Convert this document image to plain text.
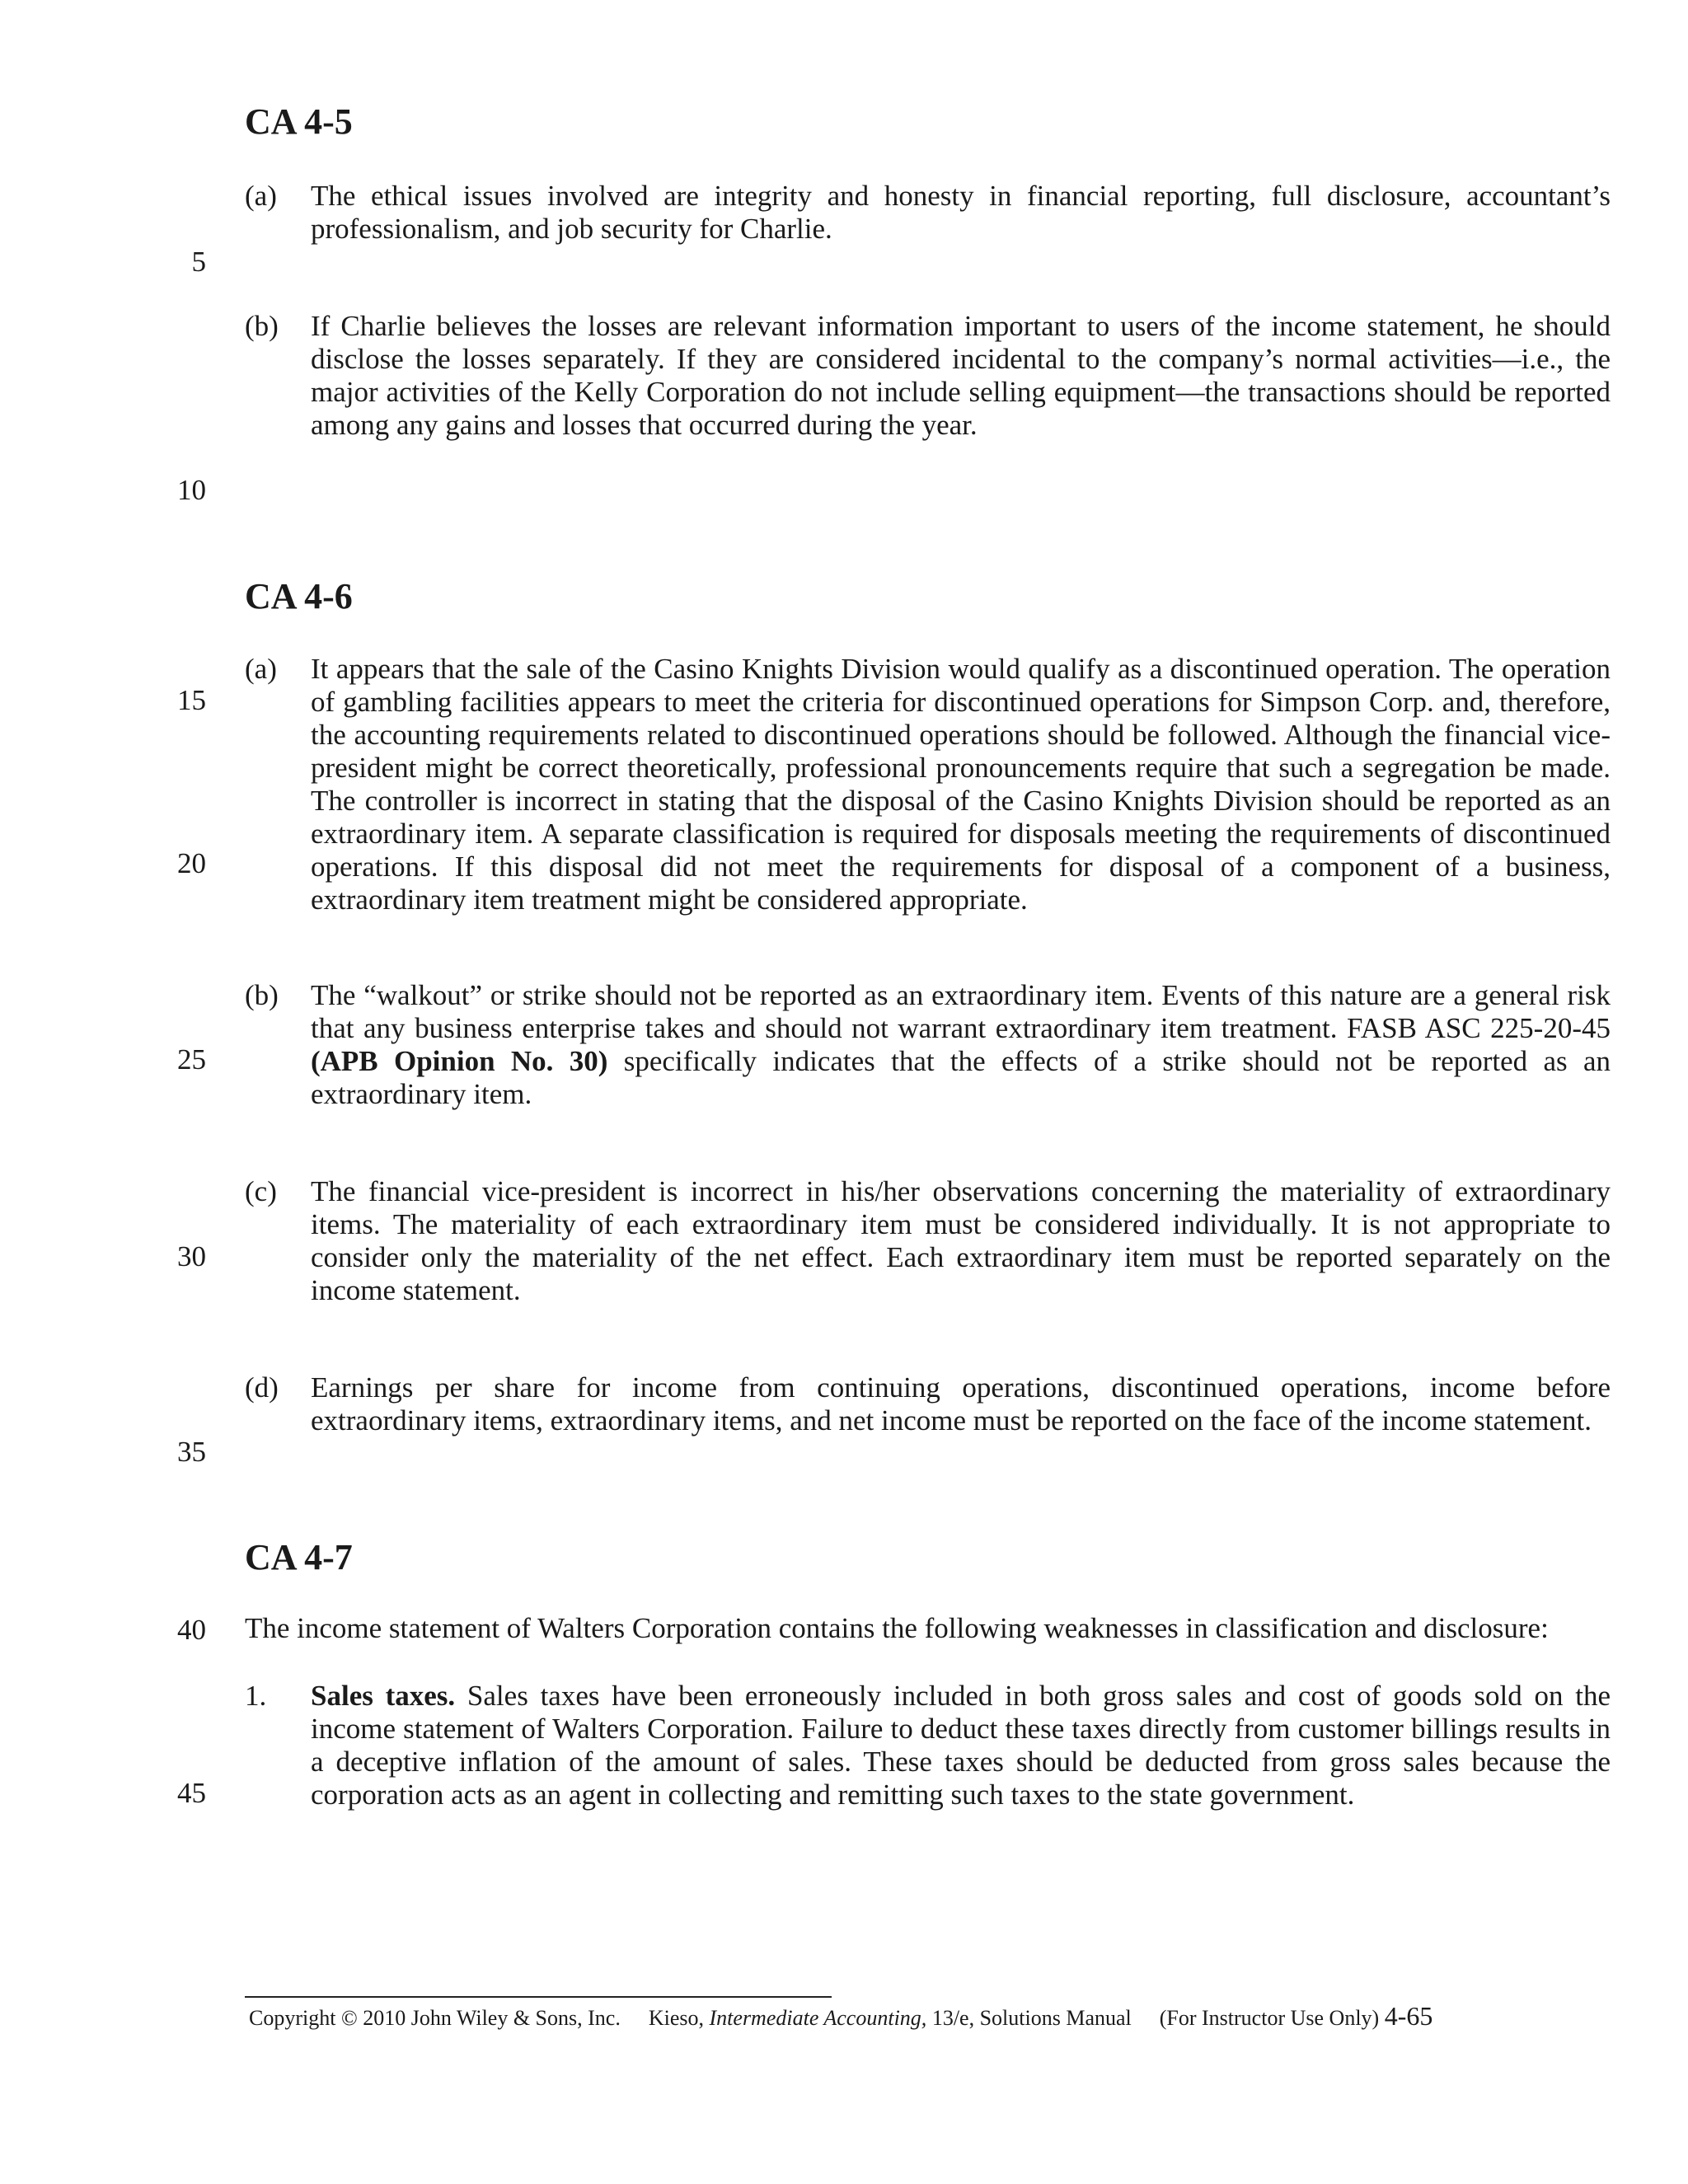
5
10
15
20
25
30
35
40
45
CA 4-5
(a) The ethical issues involved are integrity and honesty in financial reporting, full disclosure, accountant’s professionalism, and job security for Charlie.

(b) If Charlie believes the losses are relevant information important to users of the income statement, he should disclose the losses separately. If they are considered incidental to the company’s normal activities—i.e., the major activities of the Kelly Corporation do not include selling equipment—the transactions should be reported among any gains and losses that occurred during the year.

CA 4-6
(a) It appears that the sale of the Casino Knights Division would qualify as a discontinued operation. The operation of gambling facilities appears to meet the criteria for discontinued operations for Simpson Corp. and, therefore, the accounting requirements related to discontinued operations should be followed. Although the financial vice-president might be correct theoretically, professional pronouncements require that such a segregation be made. The controller is incorrect in stating that the disposal of the Casino Knights Division should be reported as an extraordinary item. A separate classification is required for disposals meeting the requirements of discontinued operations. If this disposal did not meet the requirements for disposal of a component of a business, extraordinary item treatment might be considered appropriate.

(b) The “walkout” or strike should not be reported as an extraordinary item. Events of this nature are a general risk that any business enterprise takes and should not warrant extraordinary item treatment. FASB ASC 225-20-45 (APB Opinion No. 30) specifically indicates that the effects of a strike should not be reported as an extraordinary item.

(c) The financial vice-president is incorrect in his/her observations concerning the materiality of extraordinary items. The materiality of each extraordinary item must be considered individually. It is not appropriate to consider only the materiality of the net effect. Each extraordinary item must be reported separately on the income statement.

(d) Earnings per share for income from continuing operations, discontinued operations, income before extraordinary items, extraordinary items, and net income must be reported on the face of the income statement.

CA 4-7

The income statement of Walters Corporation contains the following weaknesses in classification and disclosure:

1. Sales taxes. Sales taxes have been erroneously included in both gross sales and cost of goods sold on the income statement of Walters Corporation. Failure to deduct these taxes directly from customer billings results in a deceptive inflation of the amount of sales. These taxes should be deducted from gross sales because the corporation acts as an agent in collecting and remitting such taxes to the state government.

Copyright © 2010 John Wiley & Sons, Inc. Kieso, Intermediate Accounting, 13/e, Solutions Manual (For Instructor Use Only) 4-65
